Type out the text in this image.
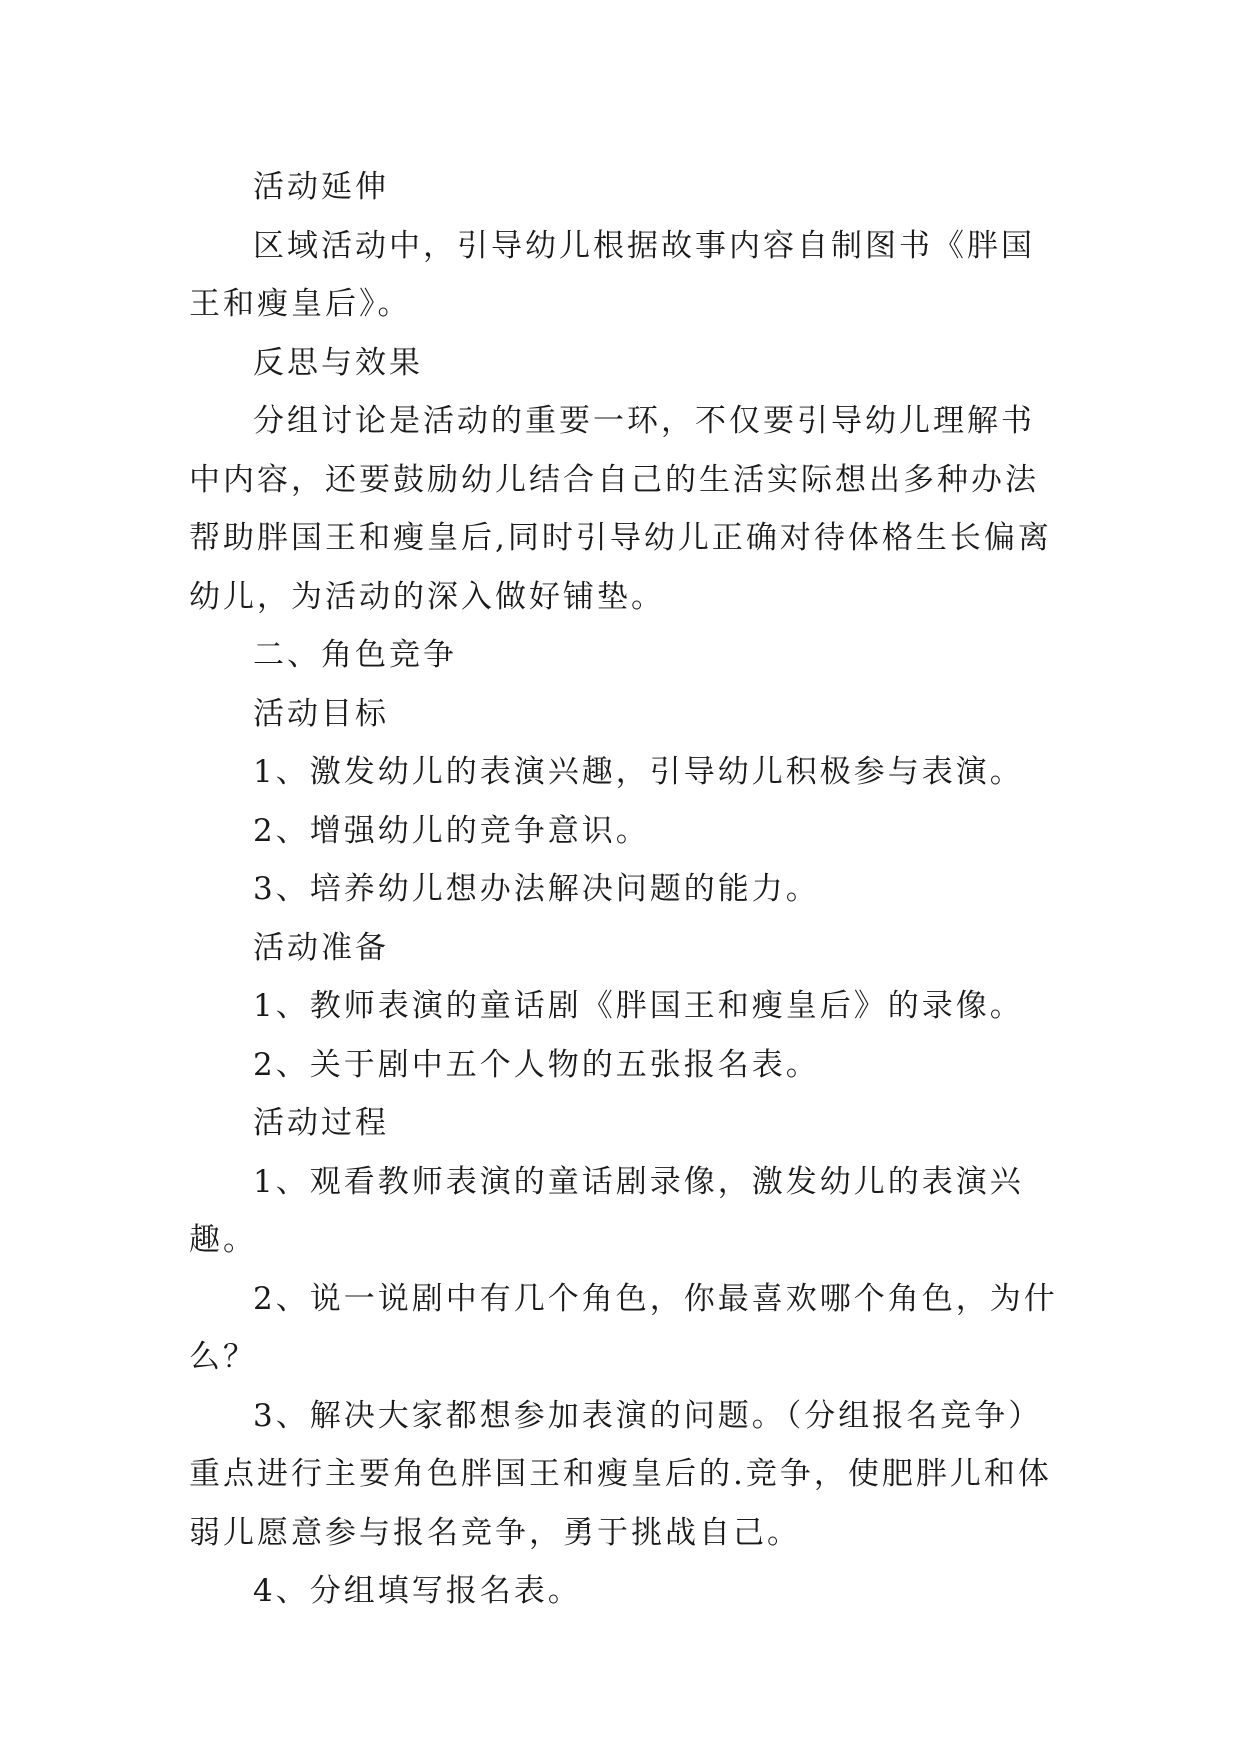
活动延伸

区域活动中，引导幼儿根据故事内容自制图书《胖国王和瘦皇后》。

反思与效果

分组讨论是活动的重要一环，不仅要引导幼儿理解书中内容，还要鼓励幼儿结合自己的生活实际想出多种办法帮助胖国王和瘦皇后,同时引导幼儿正确对待体格生长偏离幼儿，为活动的深入做好铺垫。

二、角色竞争

活动目标

1、激发幼儿的表演兴趣，引导幼儿积极参与表演。

2、增强幼儿的竞争意识。

3、培养幼儿想办法解决问题的能力。

活动准备

1、教师表演的童话剧《胖国王和瘦皇后》的录像。

2、关于剧中五个人物的五张报名表。

活动过程

1、观看教师表演的童话剧录像，激发幼儿的表演兴趣。

2、说一说剧中有几个角色，你最喜欢哪个角色，为什么？

3、解决大家都想参加表演的问题。（分组报名竞争）重点进行主要角色胖国王和瘦皇后的.竞争，使肥胖儿和体弱儿愿意参与报名竞争，勇于挑战自己。

4、分组填写报名表。
